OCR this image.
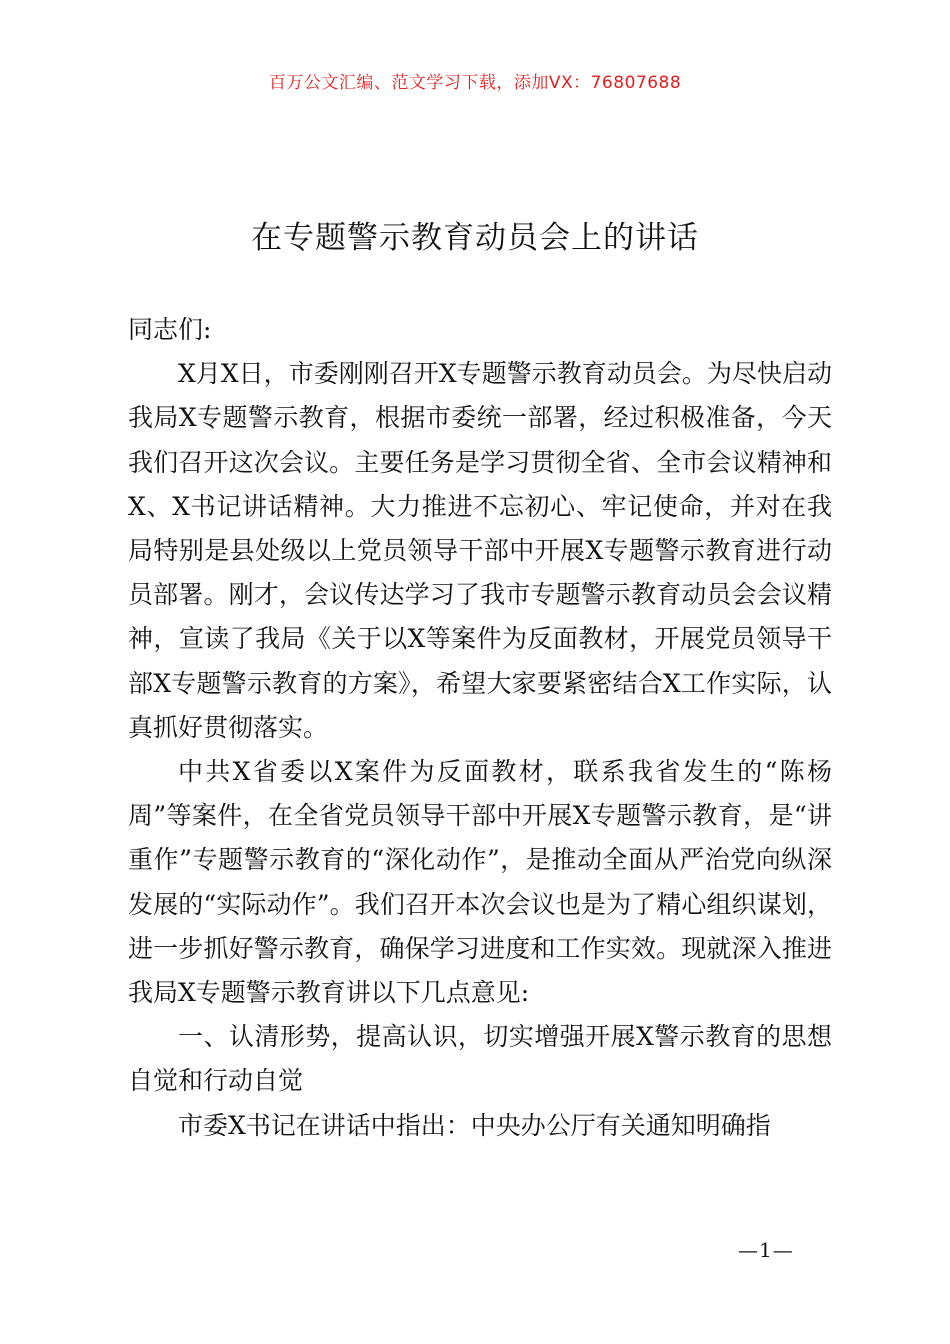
百万公文汇编、范文学习下载，添加VX：76807688
在专题警示教育动员会上的讲话

同志们:

X月X日，市委刚刚召开X专题警示教育动员会。为尽快启动我局X专题警示教育，根据市委统一部署，经过积极准备，今天我们召开这次会议。主要任务是学习贯彻全省、全市会议精神和X、X书记讲话精神。大力推进不忘初心、牢记使命，并对在我局特别是县处级以上党员领导干部中开展X专题警示教育进行动员部署。刚才，会议传达学习了我市专题警示教育动员会会议精神，宣读了我局《关于以X等案件为反面教材，开展党员领导干部X专题警示教育的方案》，希望大家要紧密结合X工作实际，认真抓好贯彻落实。

中共X省委以X案件为反面教材，联系我省发生的“陈杨周”等案件，在全省党员领导干部中开展X专题警示教育，是“讲重作”专题警示教育的“深化动作”，是推动全面从严治党向纵深发展的“实际动作”。我们召开本次会议也是为了精心组织谋划，进一步抓好警示教育，确保学习进度和工作实效。现就深入推进我局X专题警示教育讲以下几点意见:

一、认清形势，提高认识，切实增强开展X警示教育的思想自觉和行动自觉

市委X书记在讲话中指出：中央办公厅有关通知明确指

—1—
